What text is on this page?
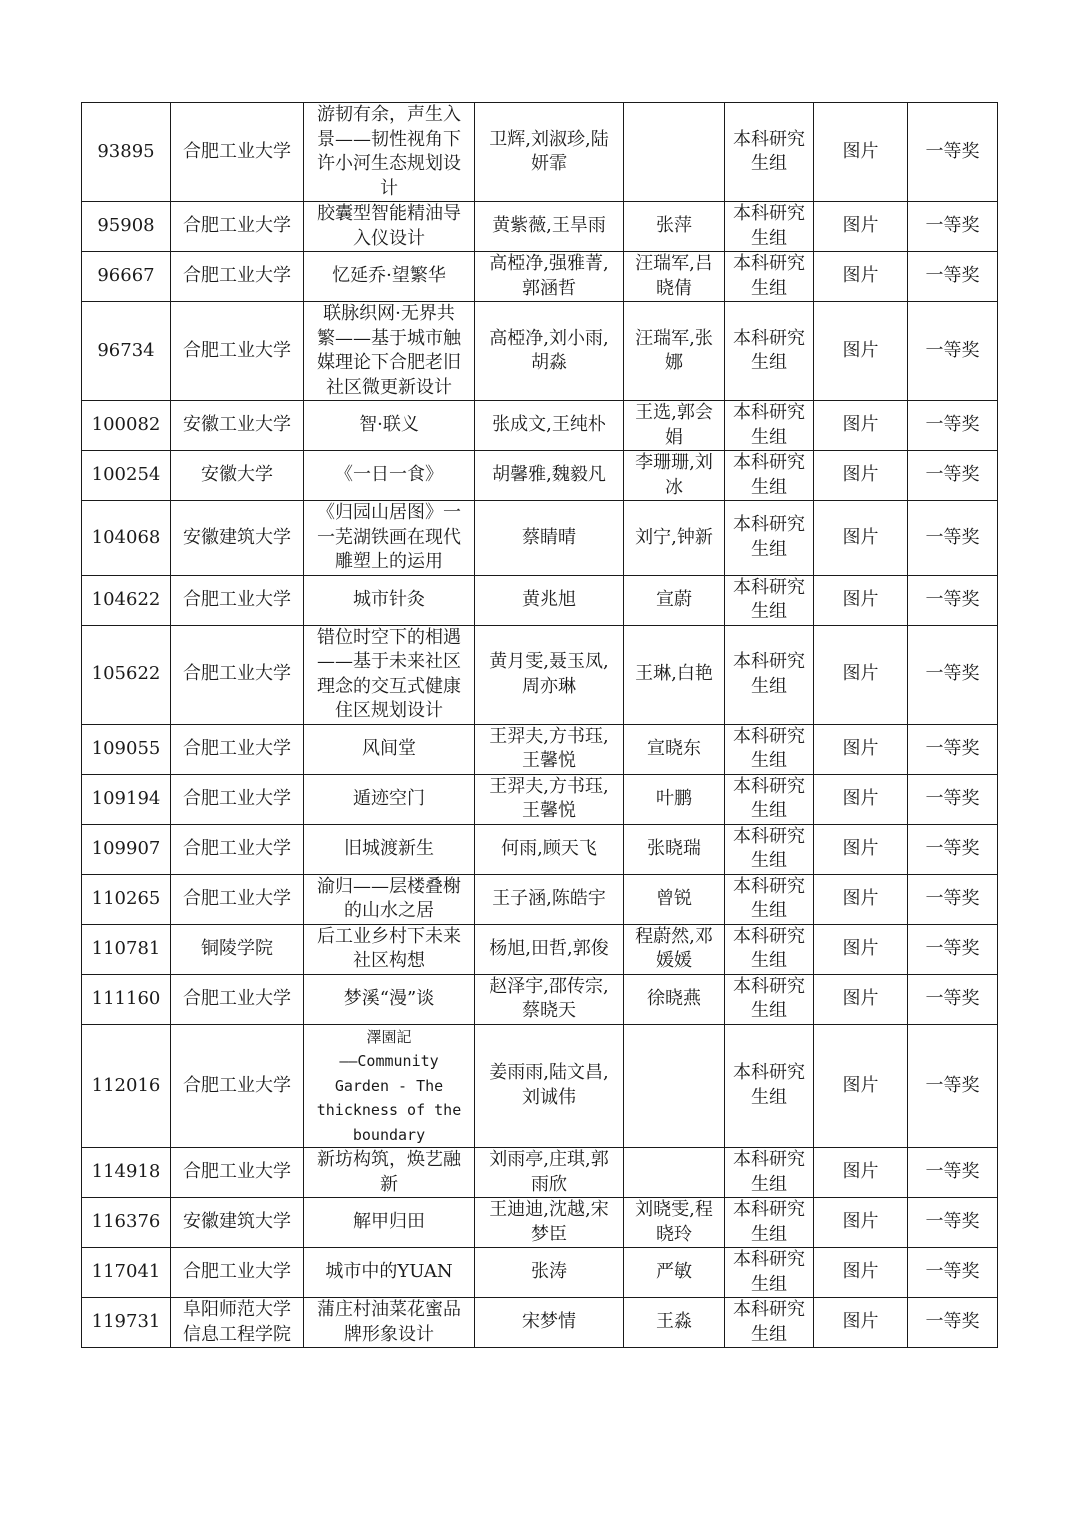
93895	合肥工业大学	游韧有余，声生入
景——韧性视角下
许小河生态规划设
计	卫辉,刘淑珍,陆
妍霏		本科研究
生组	图片	一等奖
95908	合肥工业大学	胶囊型智能精油导
入仪设计	黄紫薇,王旱雨	张萍	本科研究
生组	图片	一等奖
96667	合肥工业大学	忆延乔·望繁华	高椏净,强雅菁,
郭涵哲	汪瑞军,吕
晓倩	本科研究
生组	图片	一等奖
96734	合肥工业大学	联脉织网·无界共
繁——基于城市触
媒理论下合肥老旧
社区微更新设计	高椏净,刘小雨,
胡淼	汪瑞军,张
娜	本科研究
生组	图片	一等奖
100082	安徽工业大学	智·联义	张成文,王纯朴	王选,郭会
娟	本科研究
生组	图片	一等奖
100254	安徽大学	《一日一食》	胡馨雅,魏毅凡	李珊珊,刘
冰	本科研究
生组	图片	一等奖
104068	安徽建筑大学	《归园山居图》一
一芜湖铁画在现代
雕塑上的运用	蔡睛晴	刘宁,钟新	本科研究
生组	图片	一等奖
104622	合肥工业大学	城市针灸	黄兆旭	宣蔚	本科研究
生组	图片	一等奖
105622	合肥工业大学	错位时空下的相遇
——基于未来社区
理念的交互式健康
住区规划设计	黄月雯,聂玉凤,
周亦琳	王琳,白艳	本科研究
生组	图片	一等奖
109055	合肥工业大学	风间堂	王羿夫,方书珏,
王馨悦	宣晓东	本科研究
生组	图片	一等奖
109194	合肥工业大学	遁迹空门	王羿夫,方书珏,
王馨悦	叶鹏	本科研究
生组	图片	一等奖
109907	合肥工业大学	旧城渡新生	何雨,顾天飞	张晓瑞	本科研究
生组	图片	一等奖
110265	合肥工业大学	渝归——层楼叠榭
的山水之居	王子涵,陈皓宇	曾锐	本科研究
生组	图片	一等奖
110781	铜陵学院	后工业乡村下未来
社区构想	杨旭,田哲,郭俊	程蔚然,邓
媛媛	本科研究
生组	图片	一等奖
111160	合肥工业大学	梦溪“漫”谈	赵泽宇,邵传宗,
蔡晓天	徐晓燕	本科研究
生组	图片	一等奖
112016	合肥工业大学	澤園記
——Community
Garden - The
thickness of the
boundary	姜雨雨,陆文昌,
刘诚伟		本科研究
生组	图片	一等奖
114918	合肥工业大学	新坊构筑，焕艺融
新	刘雨亭,庄琪,郭
雨欣		本科研究
生组	图片	一等奖
116376	安徽建筑大学	解甲归田	王迪迪,沈越,宋
梦臣	刘晓雯,程
晓玲	本科研究
生组	图片	一等奖
117041	合肥工业大学	城市中的YUAN	张涛	严敏	本科研究
生组	图片	一等奖
119731	阜阳师范大学
信息工程学院	蒲庄村油菜花蜜品
牌形象设计	宋梦情	王淼	本科研究
生组	图片	一等奖
